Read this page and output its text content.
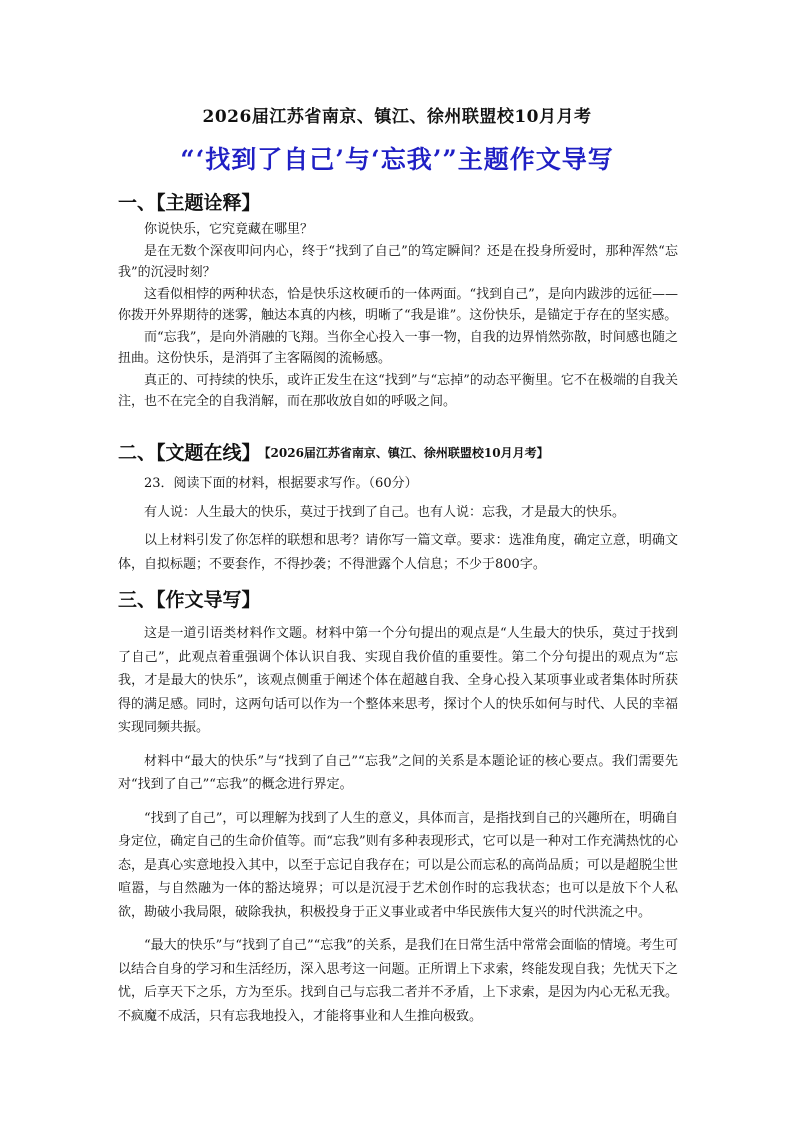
2026届江苏省南京、镇江、徐州联盟校10月月考
“‘找到了自己’与‘忘我’”主题作文导写
一、【主题诠释】

你说快乐，它究竟藏在哪里？

是在无数个深夜叩问内心，终于“找到了自己”的笃定瞬间？还是在投身所爱时，那种浑然“忘我”的沉浸时刻？

这看似相悖的两种状态，恰是快乐这枚硬币的一体两面。“找到自己”，是向内跋涉的远征——你拨开外界期待的迷雾，触达本真的内核，明晰了“我是谁”。这份快乐，是锚定于存在的坚实感。

而“忘我”，是向外消融的飞翔。当你全心投入一事一物，自我的边界悄然弥散，时间感也随之扭曲。这份快乐，是消弭了主客隔阂的流畅感。

真正的、可持续的快乐，或许正发生在这“找到”与“忘掉”的动态平衡里。它不在极端的自我关注，也不在完全的自我消解，而在那收放自如的呼吸之间。

二、【文题在线】 【2026届江苏省南京、镇江、徐州联盟校10月月考】

23．阅读下面的材料，根据要求写作。（60分）

有人说：人生最大的快乐，莫过于找到了自己。也有人说：忘我，才是最大的快乐。

以上材料引发了你怎样的联想和思考？请你写一篇文章。要求：选准角度，确定立意，明确文体，自拟标题；不要套作，不得抄袭；不得泄露个人信息；不少于800字。

三、【作文导写】

这是一道引语类材料作文题。材料中第一个分句提出的观点是“人生最大的快乐，莫过于找到了自己”，此观点着重强调个体认识自我、实现自我价值的重要性。第二个分句提出的观点为“忘我，才是最大的快乐”，该观点侧重于阐述个体在超越自我、全身心投入某项事业或者集体时所获得的满足感。同时，这两句话可以作为一个整体来思考，探讨个人的快乐如何与时代、人民的幸福实现同频共振。

材料中“最大的快乐”与“找到了自己”“忘我”之间的关系是本题论证的核心要点。我们需要先对“找到了自己”“忘我”的概念进行界定。

“找到了自己”，可以理解为找到了人生的意义，具体而言，是指找到自己的兴趣所在，明确自身定位，确定自己的生命价值等。而“忘我”则有多种表现形式，它可以是一种对工作充满热忱的心态，是真心实意地投入其中，以至于忘记自我存在；可以是公而忘私的高尚品质；可以是超脱尘世喧嚣，与自然融为一体的豁达境界；可以是沉浸于艺术创作时的忘我状态；也可以是放下个人私欲，勘破小我局限，破除我执，积极投身于正义事业或者中华民族伟大复兴的时代洪流之中。

“最大的快乐”与“找到了自己”“忘我”的关系，是我们在日常生活中常常会面临的情境。考生可以结合自身的学习和生活经历，深入思考这一问题。正所谓上下求索，终能发现自我；先忧天下之忧，后享天下之乐，方为至乐。找到自己与忘我二者并不矛盾，上下求索，是因为内心无私无我。不疯魔不成活，只有忘我地投入，才能将事业和人生推向极致。
